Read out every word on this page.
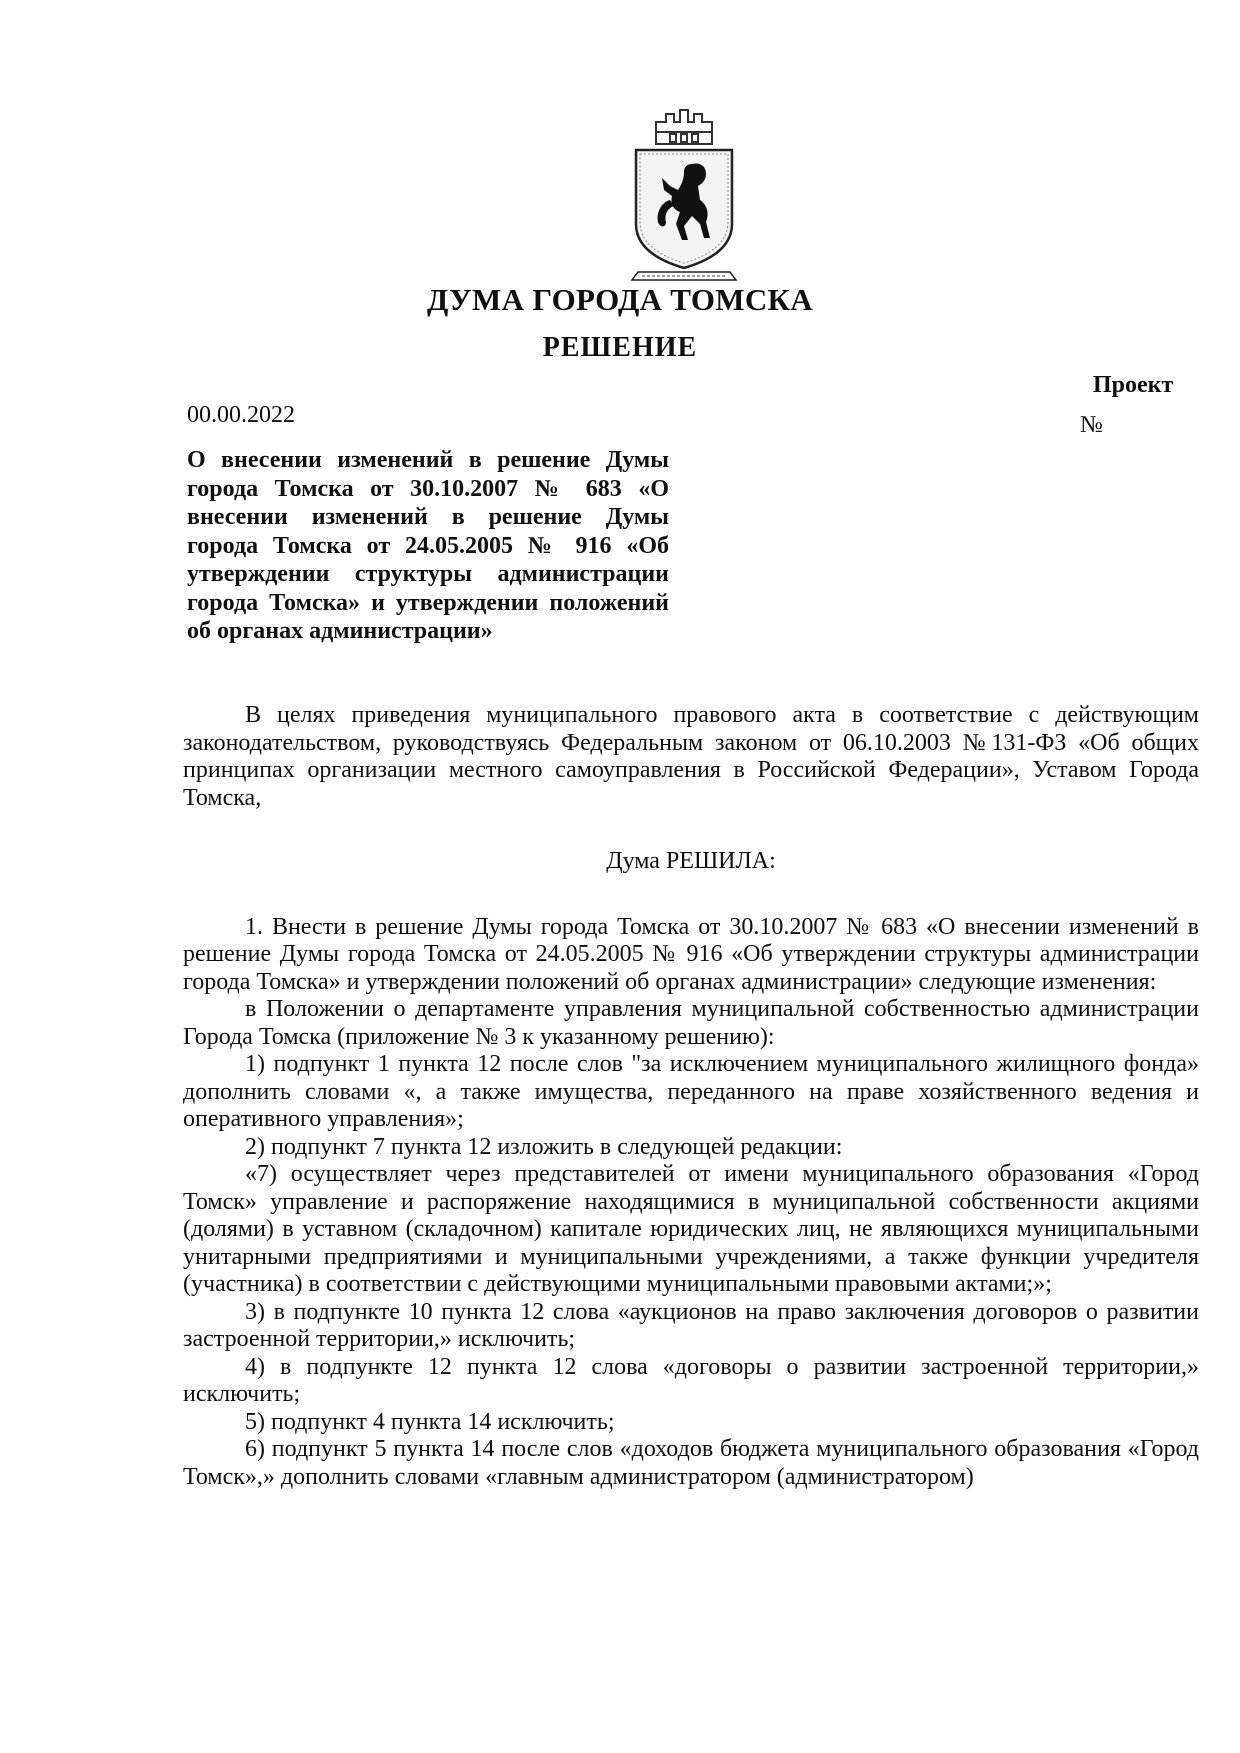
ДУМА ГОРОДА ТОМСКА
РЕШЕНИЕ
Проект
№
00.00.2022

О внесении изменений в решение Думы города Томска от 30.10.2007 № 683 «О внесении изменений в решение Думы города Томска от 24.05.2005 № 916 «Об утверждении структуры администрации города Томска» и утверждении положений об органах администрации»

В целях приведения муниципального правового акта в соответствие с действующим законодательством, руководствуясь Федеральным законом от 06.10.2003 №131-ФЗ «Об общих принципах организации местного самоуправления в Российской Федерации», Уставом Города Томска,

Дума РЕШИЛА:

1. Внести в решение Думы города Томска от 30.10.2007 № 683 «О внесении изменений в решение Думы города Томска от 24.05.2005 № 916 «Об утверждении структуры администрации города Томска» и утверждении положений об органах администрации» следующие изменения:

в Положении о департаменте управления муниципальной собственностью администрации Города Томска (приложение № 3 к указанному решению):

1) подпункт 1 пункта 12 после слов "за исключением муниципального жилищного фонда» дополнить словами «, а также имущества, переданного на праве хозяйственного ведения и оперативного управления»;

2) подпункт 7 пункта 12 изложить в следующей редакции:

«7) осуществляет через представителей от имени муниципального образования «Город Томск» управление и распоряжение находящимися в муниципальной собственности акциями (долями) в уставном (складочном) капитале юридических лиц, не являющихся муниципальными унитарными предприятиями и муниципальными учреждениями, а также функции учредителя (участника) в соответствии с действующими муниципальными правовыми актами;»;

3) в подпункте 10 пункта 12 слова «аукционов на право заключения договоров о развитии застроенной территории,» исключить;

4) в подпункте 12 пункта 12 слова «договоры о развитии застроенной территории,» исключить;

5) подпункт 4 пункта 14 исключить;

6) подпункт 5 пункта 14 после слов «доходов бюджета муниципального образования «Город Томск»,» дополнить словами «главным администратором (администратором)
